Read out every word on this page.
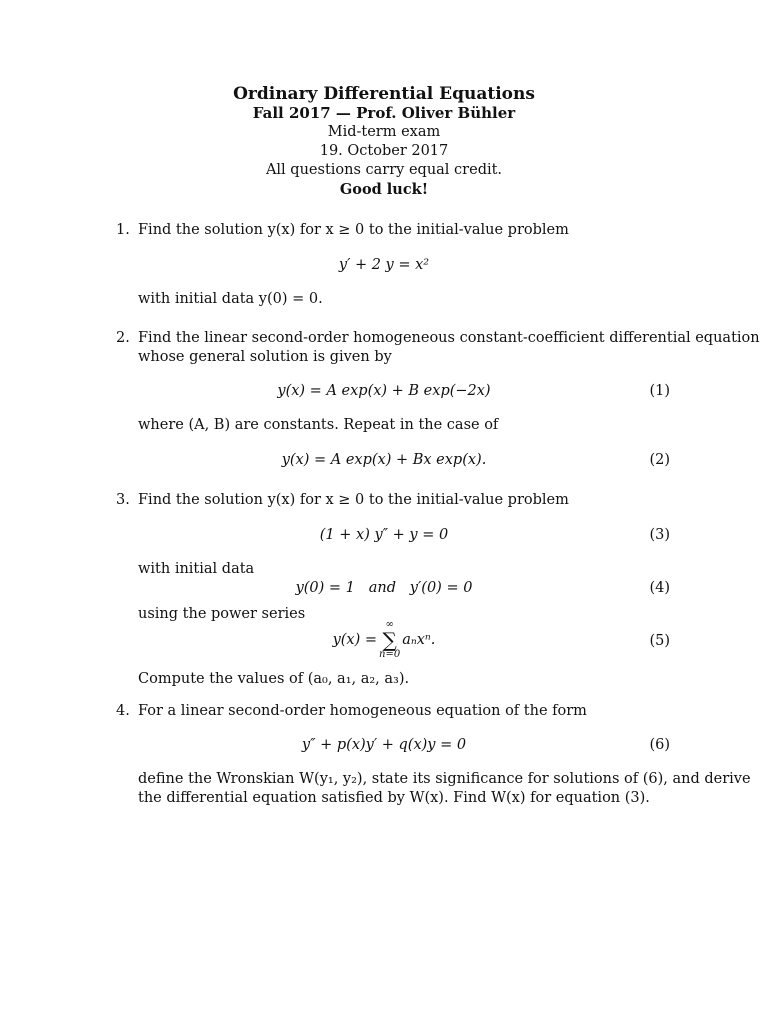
Ordinary Differential Equations
Fall 2017 — Prof. Oliver Bühler
Mid-term exam
19. October 2017
All questions carry equal credit.
Good luck!
1. Find the solution y(x) for x ≥ 0 to the initial-value problem
y′ + 2 y = x²
with initial data y(0) = 0.
2. Find the linear second-order homogeneous constant-coefficient differential equation
whose general solution is given by
y(x) = A exp(x) + B exp(−2x)	(1)
where (A, B) are constants. Repeat in the case of
y(x) = A exp(x) + Bx exp(x).	(2)
3. Find the solution y(x) for x ≥ 0 to the initial-value problem
(1 + x) y″ + y = 0	(3)
with initial data
y(0) = 1   and   y′(0) = 0	(4)
using the power series
y(x) =
∞
∑
n=0
aₙxⁿ.	(5)
Compute the values of (a₀, a₁, a₂, a₃).
4. For a linear second-order homogeneous equation of the form
y″ + p(x)y′ + q(x)y = 0	(6)
define the Wronskian W(y₁, y₂), state its significance for solutions of (6), and derive
the differential equation satisfied by W(x). Find W(x) for equation (3).
